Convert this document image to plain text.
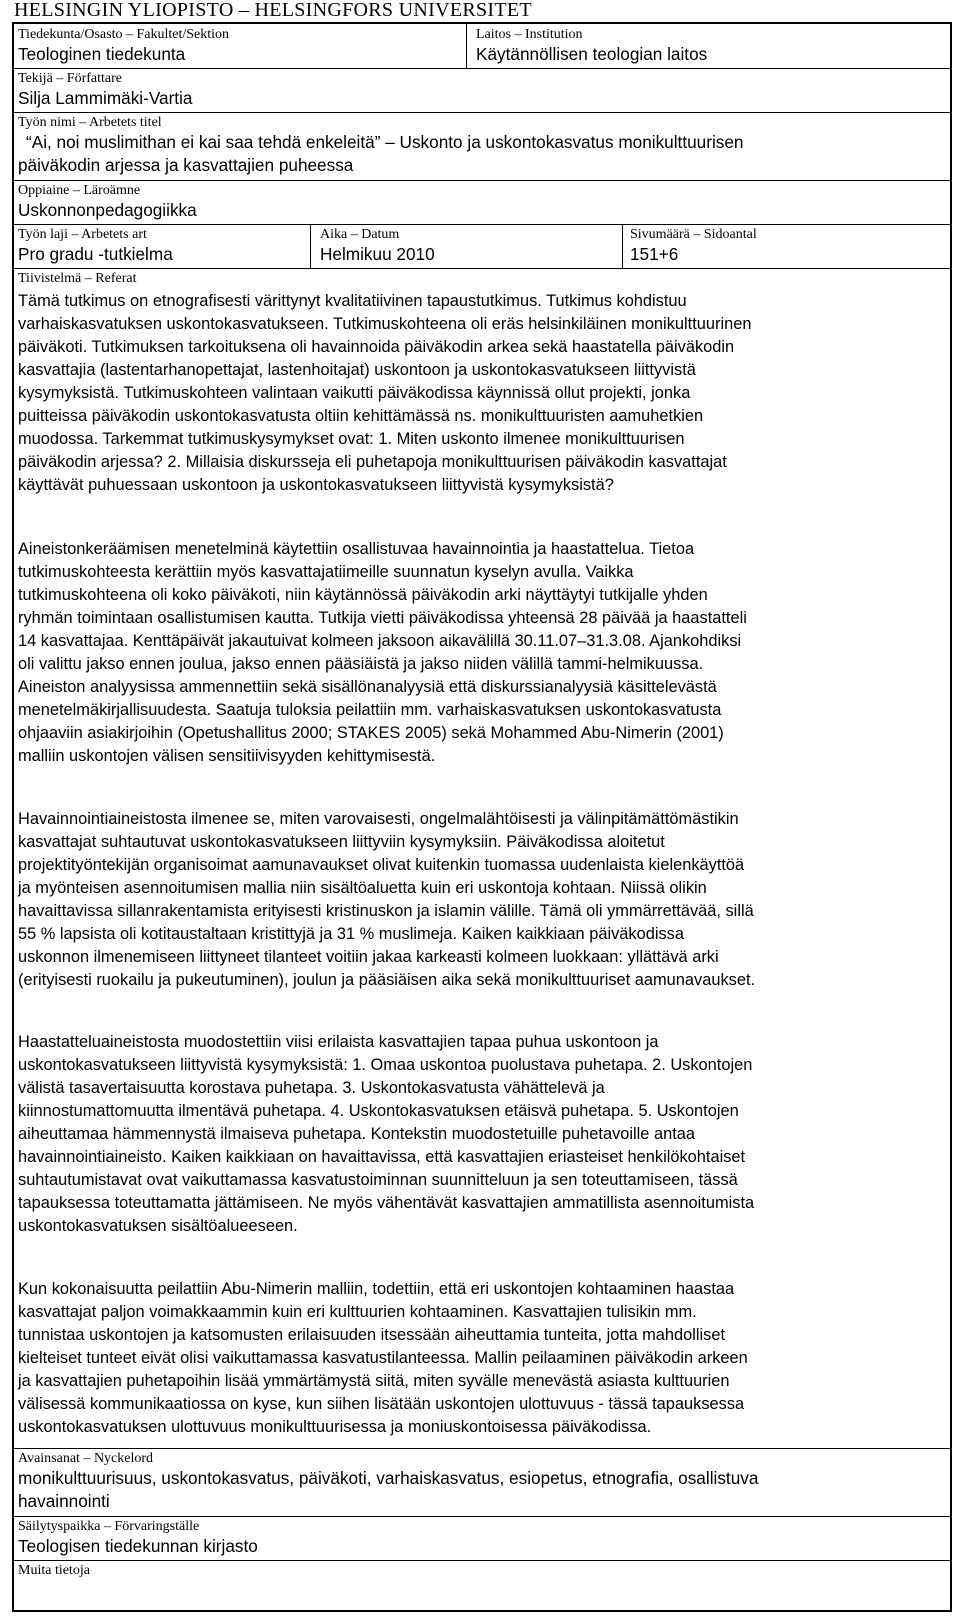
HELSINGIN YLIOPISTO – HELSINGFORS UNIVERSITET
Tiedekunta/Osasto – Fakultet/Sektion
Teologinen tiedekunta
Laitos – Institution
Käytännöllisen teologian laitos
Tekijä – Författare
Silja Lammimäki-Vartia
Työn nimi – Arbetets titel
“Ai, noi muslimithan ei kai saa tehdä enkeleitä” – Uskonto ja uskontokasvatus monikulttuurisen
päiväkodin arjessa ja kasvattajien puheessa
Oppiaine – Läroämne
Uskonnonpedagogiikka
Työn laji – Arbetets art
Pro gradu -tutkielma
Aika – Datum
Helmikuu 2010
Sivumäärä – Sidoantal
151+6
Tiivistelmä – Referat
Tämä tutkimus on etnografisesti värittynyt kvalitatiivinen tapaustutkimus. Tutkimus kohdistuu
varhaiskasvatuksen uskontokasvatukseen. Tutkimuskohteena oli eräs helsinkiläinen monikulttuurinen
päiväkoti. Tutkimuksen tarkoituksena oli havainnoida päiväkodin arkea sekä haastatella päiväkodin
kasvattajia (lastentarhanopettajat, lastenhoitajat) uskontoon ja uskontokasvatukseen liittyvistä
kysymyksistä. Tutkimuskohteen valintaan vaikutti päiväkodissa käynnissä ollut projekti, jonka
puitteissa päiväkodin uskontokasvatusta oltiin kehittämässä ns. monikulttuuristen aamuhetkien
muodossa. Tarkemmat tutkimuskysymykset ovat: 1. Miten uskonto ilmenee monikulttuurisen
päiväkodin arjessa? 2. Millaisia diskursseja eli puhetapoja monikulttuurisen päiväkodin kasvattajat
käyttävät puhuessaan uskontoon ja uskontokasvatukseen liittyvistä kysymyksistä?
Aineistonkeräämisen menetelminä käytettiin osallistuvaa havainnointia ja haastattelua. Tietoa
tutkimuskohteesta kerättiin myös kasvattajatiimeille suunnatun kyselyn avulla. Vaikka
tutkimuskohteena oli koko päiväkoti, niin käytännössä päiväkodin arki näyttäytyi tutkijalle yhden
ryhmän toimintaan osallistumisen kautta. Tutkija vietti päiväkodissa yhteensä 28 päivää ja haastatteli
14 kasvattajaa. Kenttäpäivät jakautuivat kolmeen jaksoon aikavälillä 30.11.07–31.3.08. Ajankohdiksi
oli valittu jakso ennen joulua, jakso ennen pääsiäistä ja jakso niiden välillä tammi-helmikuussa.
Aineiston analyysissa ammennettiin sekä sisällönanalyysiä että diskurssianalyysiä käsittelevästä
menetelmäkirjallisuudesta. Saatuja tuloksia peilattiin mm. varhaiskasvatuksen uskontokasvatusta
ohjaaviin asiakirjoihin (Opetushallitus 2000; STAKES 2005) sekä Mohammed Abu-Nimerin (2001)
malliin uskontojen välisen sensitiivisyyden kehittymisestä.
Havainnointiaineistosta ilmenee se, miten varovaisesti, ongelmalähtöisesti ja välinpitämättömästikin
kasvattajat suhtautuvat uskontokasvatukseen liittyviin kysymyksiin. Päiväkodissa aloitetut
projektityöntekijän organisoimat aamunavaukset olivat kuitenkin tuomassa uudenlaista kielenkäyttöä
ja myönteisen asennoitumisen mallia niin sisältöaluetta kuin eri uskontoja kohtaan. Niissä olikin
havaittavissa sillanrakentamista erityisesti kristinuskon ja islamin välille. Tämä oli ymmärrettävää, sillä
55 % lapsista oli kotitaustaltaan kristittyjä ja 31 % muslimeja. Kaiken kaikkiaan päiväkodissa
uskonnon ilmenemiseen liittyneet tilanteet voitiin jakaa karkeasti kolmeen luokkaan: yllättävä arki
(erityisesti ruokailu ja pukeutuminen), joulun ja pääsiäisen aika sekä monikulttuuriset aamunavaukset.
Haastatteluaineistosta muodostettiin viisi erilaista kasvattajien tapaa puhua uskontoon ja
uskontokasvatukseen liittyvistä kysymyksistä: 1. Omaa uskontoa puolustava puhetapa. 2. Uskontojen
välistä tasavertaisuutta korostava puhetapa. 3. Uskontokasvatusta vähättelevä ja
kiinnostumattomuutta ilmentävä puhetapa. 4. Uskontokasvatuksen etäisvä puhetapa. 5. Uskontojen
aiheuttamaa hämmennystä ilmaiseva puhetapa. Kontekstin muodostetuille puhetavoille antaa
havainnointiaineisto. Kaiken kaikkiaan on havaittavissa, että kasvattajien eriasteiset henkilökohtaiset
suhtautumistavat ovat vaikuttamassa kasvatustoiminnan suunnitteluun ja sen toteuttamiseen, tässä
tapauksessa toteuttamatta jättämiseen. Ne myös vähentävät kasvattajien ammatillista asennoitumista
uskontokasvatuksen sisältöalueeseen.
Kun kokonaisuutta peilattiin Abu-Nimerin malliin, todettiin, että eri uskontojen kohtaaminen haastaa
kasvattajat paljon voimakkaammin kuin eri kulttuurien kohtaaminen. Kasvattajien tulisikin mm.
tunnistaa uskontojen ja katsomusten erilaisuuden itsessään aiheuttamia tunteita, jotta mahdolliset
kielteiset tunteet eivät olisi vaikuttamassa kasvatustilanteessa. Mallin peilaaminen päiväkodin arkeen
ja kasvattajien puhetapoihin lisää ymmärtämystä siitä, miten syvälle menevästä asiasta kulttuurien
välisessä kommunikaatiossa on kyse, kun siihen lisätään uskontojen ulottuvuus - tässä tapauksessa
uskontokasvatuksen ulottuvuus monikulttuurisessa ja moniuskontoisessa päiväkodissa.
Avainsanat – Nyckelord
monikulttuurisuus, uskontokasvatus, päiväkoti, varhaiskasvatus, esiopetus, etnografia, osallistuva
havainnointi
Säilytyspaikka – Förvaringställe
Teologisen tiedekunnan kirjasto
Muita tietoja
